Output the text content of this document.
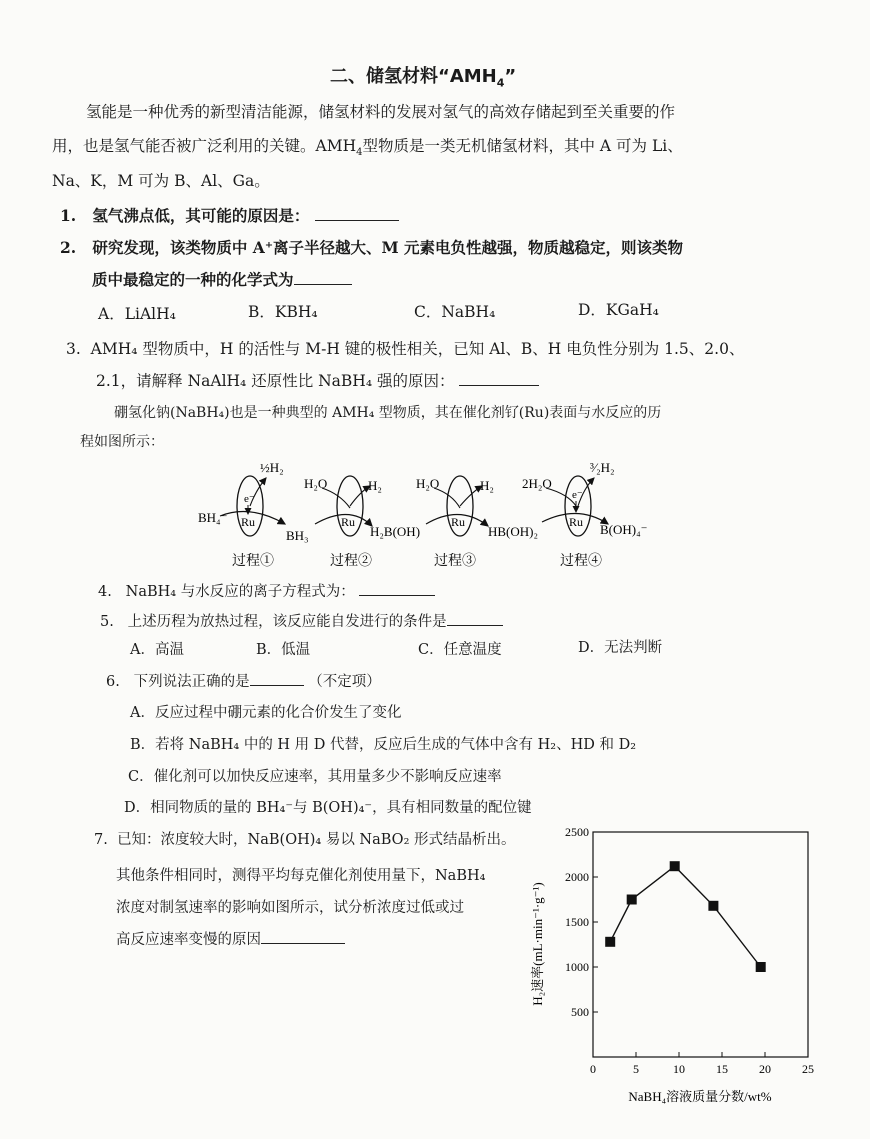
二、储氢材料“$AMH_4$”
氢能是一种优秀的新型清洁能源，储氢材料的发展对氢气的高效存储起到至关重要的作
用，也是氢气能否被广泛利用的关键。$AMH_4$型物质是一类无机储氢材料，其中 A 可为 Li、
Na、K，M 可为 B、Al、Ga。
1. 氢气沸点低，其可能的原因是：
2. 研究发现，该类物质中 A⁺离子半径越大、M 元素电负性越强，物质越稳定，则该类物
质中最稳定的一种的化学式为
A．LiAlH₄	B．KBH₄	C．NaBH₄	D．KGaH₄
3. AMH₄ 型物质中，H 的活性与 M-H 键的极性相关，已知 Al、B、H 电负性分别为 1.5、2.0、
2.1，请解释 NaAlH₄ 还原性比 NaBH₄ 强的原因：
硼氢化钠(NaBH₄)也是一种典型的 AMH₄ 型物质，其在催化剂钌(Ru)表面与水反应的历
程如图所示：
Ru	Ru	Ru	Ru
e⁻	e⁻
BH₄⁻
BH₃	H₂B(OH)	HB(OH)₂	B(OH)₄⁻
½H₂
H₂O	H₂	H₂O	H₂ 2H₂O
³⁄₂H₂
过程①	过程②	过程③	过程④
4. NaBH₄ 与水反应的离子方程式为：
5. 上述历程为放热过程，该反应能自发进行的条件是
A．高温	B．低温	C．任意温度	D．无法判断
6. 下列说法正确的是	（不定项）
A．反应过程中硼元素的化合价发生了变化
B．若将 NaBH₄ 中的 H 用 D 代替，反应后生成的气体中含有 H₂、HD 和 D₂
C．催化剂可以加快反应速率，其用量多少不影响反应速率
D．相同物质的量的 BH₄⁻与 B(OH)₄⁻，具有相同数量的配位键
7. 已知：浓度较大时，NaB(OH)₄ 易以 NaBO₂ 形式结晶析出。
其他条件相同时，测得平均每克催化剂使用量下，NaBH₄
浓度对制氢速率的影响如图所示，试分析浓度过低或过
高反应速率变慢的原因
0	5	10	15	20	25
500
1000
1500
2000
2500
NaBH₄溶液质量分数/wt%
H₂速率(mL·min⁻¹·g⁻¹)
